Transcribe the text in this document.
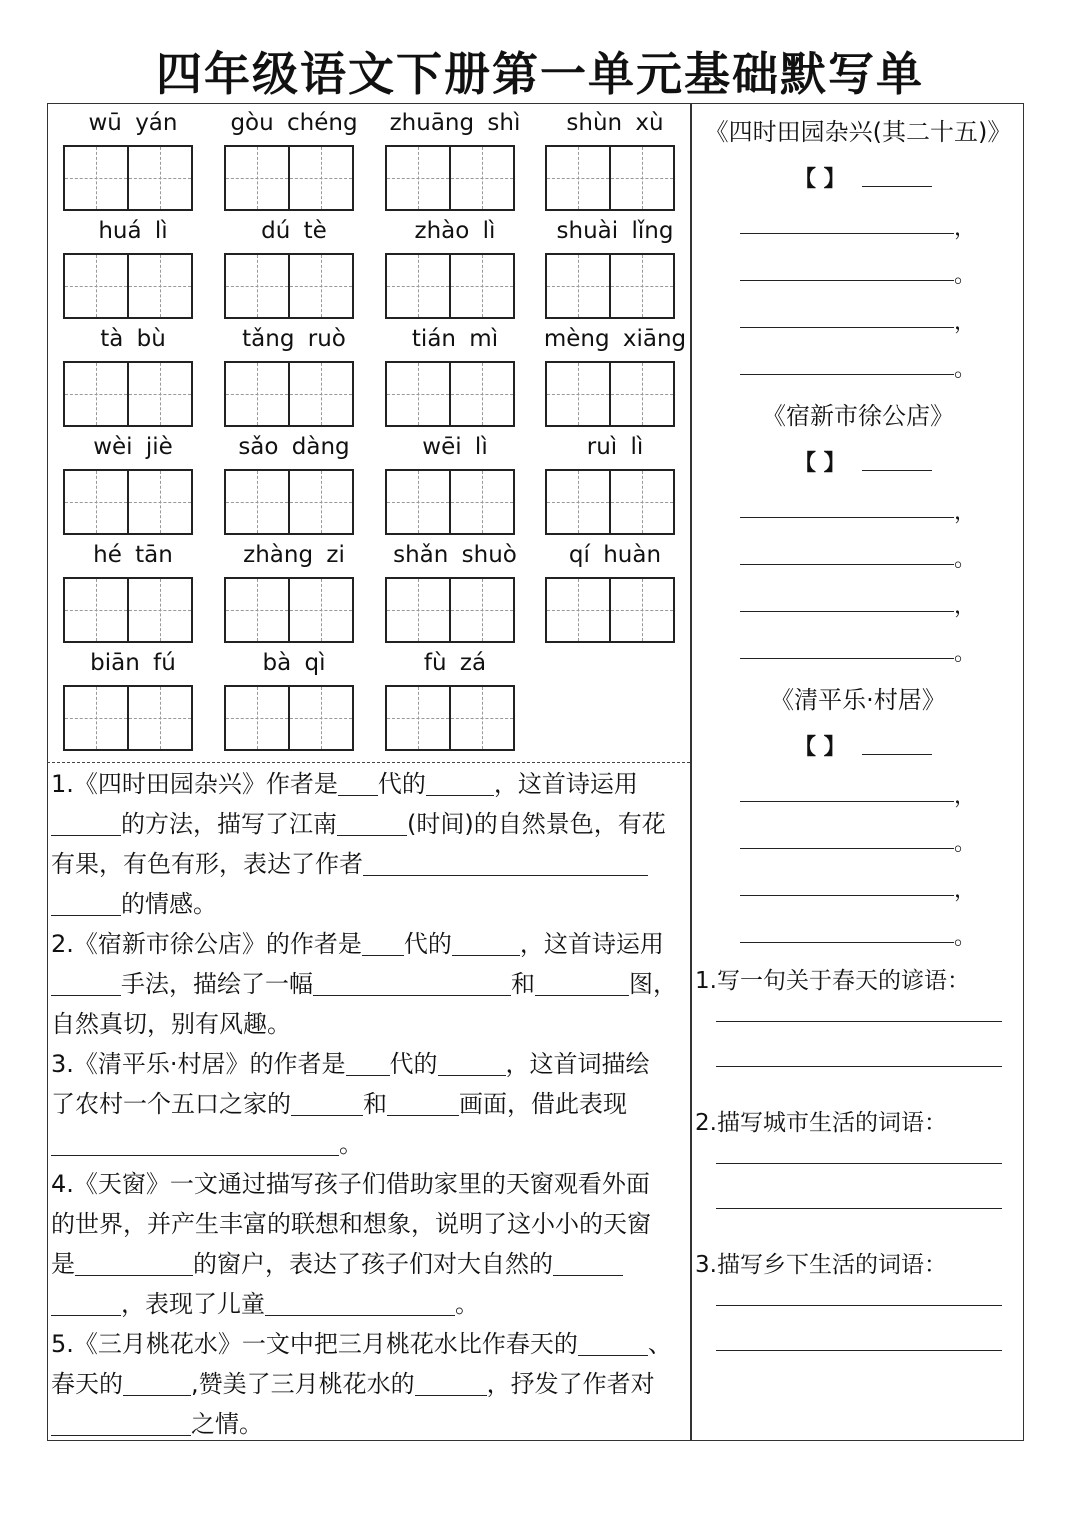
四年级语文下册第一单元基础默写单
wū yán	gòu chéng	zhuāng shì	shùn xù
huá lì	dú tè	zhào lì	shuài lǐng
tà bù	tǎng ruò	tián mì	mèng xiāng
wèi jiè	sǎo dàng	wēi lì	ruì lì
hé tān	zhàng zi	shǎn shuò	qí huàn
biān fú	bà qì	fù zá
1.《四时田园杂兴》作者是 代的	，这首诗运用
的方法，描写了江南	(时间)的自然景色，有花
有果，有色有形，表达了作者
的情感。
2.《宿新市徐公店》的作者是 代的	，这首诗运用
手法，描绘了一幅	和	图，
自然真切，别有风趣。
3.《清平乐·村居》的作者是 代的	，这首词描绘
了农村一个五口之家的	和	画面，借此表现
。
4.《天窗》一文通过描写孩子们借助家里的天窗观看外面
的世界，并产生丰富的联想和想象，说明了这小小的天窗
是	的窗户，表达了孩子们对大自然的
，表现了儿童	。
5.《三月桃花水》一文中把三月桃花水比作春天的	、
春天的	,赞美了三月桃花水的	，抒发了作者对
之情。
《四时田园杂兴(其二十五)》
【 】
，
。
，
。
《宿新市徐公店》
【 】
，
。
，
。
《清平乐·村居》
【 】
，
。
，
。
1.写一句关于春天的谚语：
2.描写城市生活的词语：
3.描写乡下生活的词语：
